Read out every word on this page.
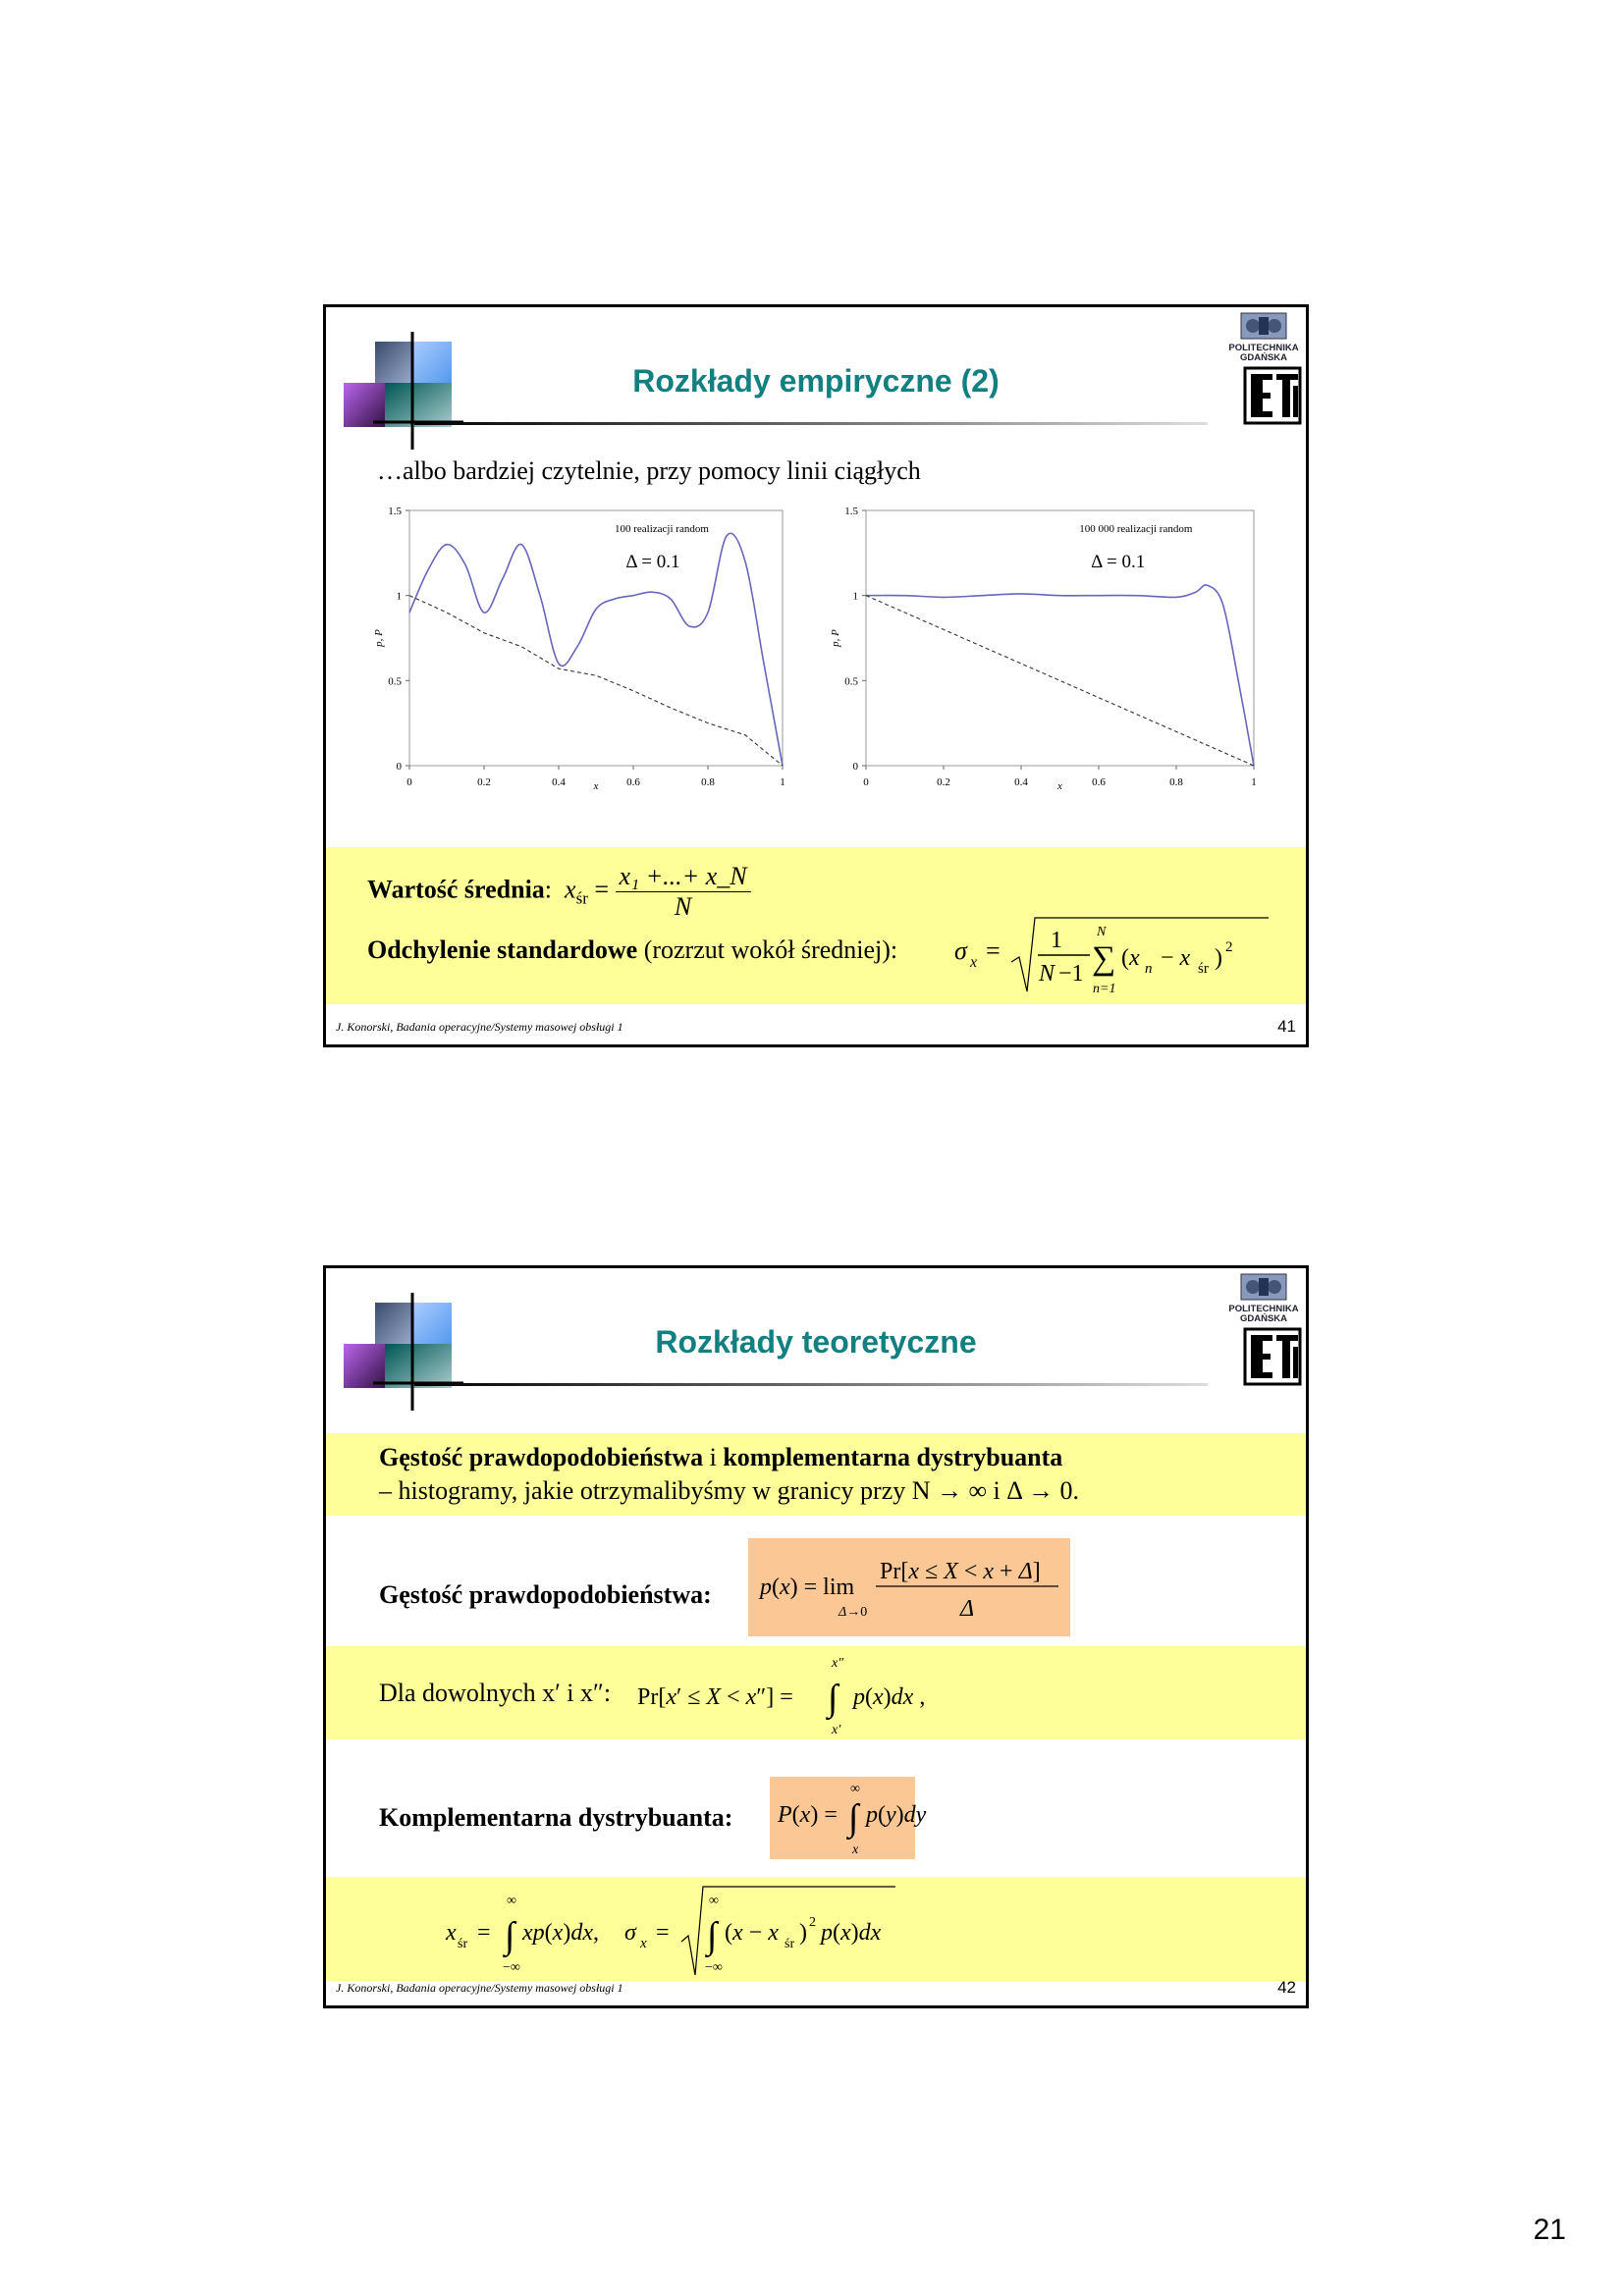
Rozkłady empiryczne (2)
POLITECHNIKA
GDAŃSKA
…albo bardziej czytelnie, przy pomocy linii ciągłych
0
0.5
1
1.5
0	0.2	0.4	0.6	0.8	1
x
p, P
100 realizacji random
Δ = 0.1
0
0.5
1
1.5
0	0.2	0.4	0.6	0.8	1
x
p, P
100 000 realizacji random
Δ = 0.1
Wartość średnia:  $x_{śr} = \frac{\text{x₁ +...+ x\_N}}{N}$
Odchylenie standardowe (rozrzut wokół średniej): σ x = 1
N −1
N
∑
n=1
(x n − x śr ) 2
J. Konorski, Badania operacyjne/Systemy masowej obsługi 1	41
Rozkłady teoretyczne
POLITECHNIKA
GDAŃSKA
Gęstość prawdopodobieństwa i komplementarna dystrybuanta
– histogramy, jakie otrzymalibyśmy w granicy przy N → ∞ i Δ → 0.
Gęstość prawdopodobieństwa: p(x) = lim
Δ→0
Pr[x ≤ X < x + Δ]
Δ
Dla dowolnych x′ i x″: Pr[x′ ≤ X < x″] =
x″
∫
x′
p(x)dx ,
Komplementarna dystrybuanta: P(x) =
∞
∫
x
p(y)dy
x śr =
∞
∫
−∞
xp(x)dx, σ x =
∞
∫
−∞
(x − x śr ) 2 p(x)dx
J. Konorski, Badania operacyjne/Systemy masowej obsługi 1	42
21
